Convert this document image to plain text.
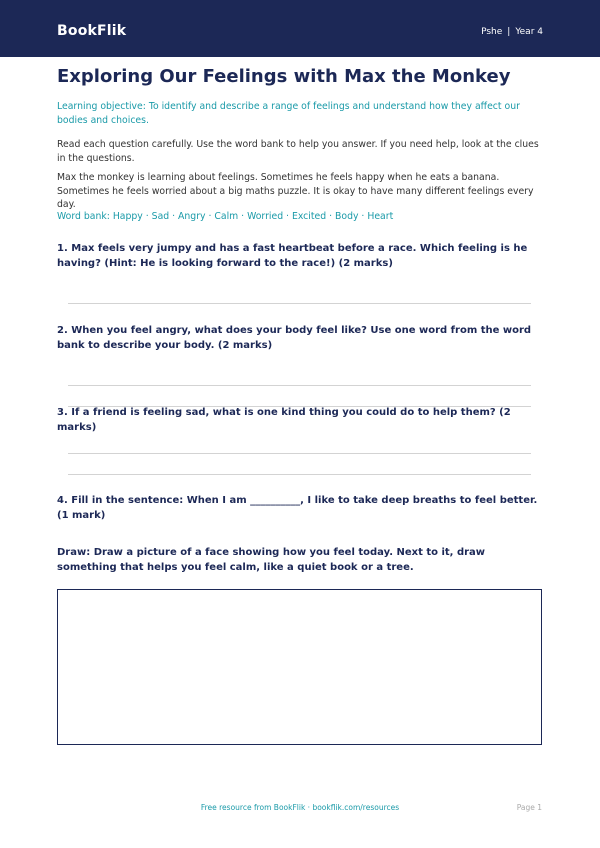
BookFlik	Pshe | Year 4
Exploring Our Feelings with Max the Monkey

Learning objective: To identify and describe a range of feelings and understand how they affect our bodies and choices.

Read each question carefully. Use the word bank to help you answer. If you need help, look at the clues in the questions.

Max the monkey is learning about feelings. Sometimes he feels happy when he eats a banana. Sometimes he feels worried about a big maths puzzle. It is okay to have many different feelings every day.

Word bank: Happy · Sad · Angry · Calm · Worried · Excited · Body · Heart

1. Max feels very jumpy and has a fast heartbeat before a race. Which feeling is he having? (Hint: He is looking forward to the race!) (2 marks)

2. When you feel angry, what does your body feel like? Use one word from the word bank to describe your body. (2 marks)

3. If a friend is feeling sad, what is one kind thing you could do to help them? (2 marks)

4. Fill in the sentence: When I am __________, I like to take deep breaths to feel better. (1 mark)

Draw: Draw a picture of a face showing how you feel today. Next to it, draw something that helps you feel calm, like a quiet book or a tree.

Free resource from BookFlik · bookflik.com/resources	Page 1
